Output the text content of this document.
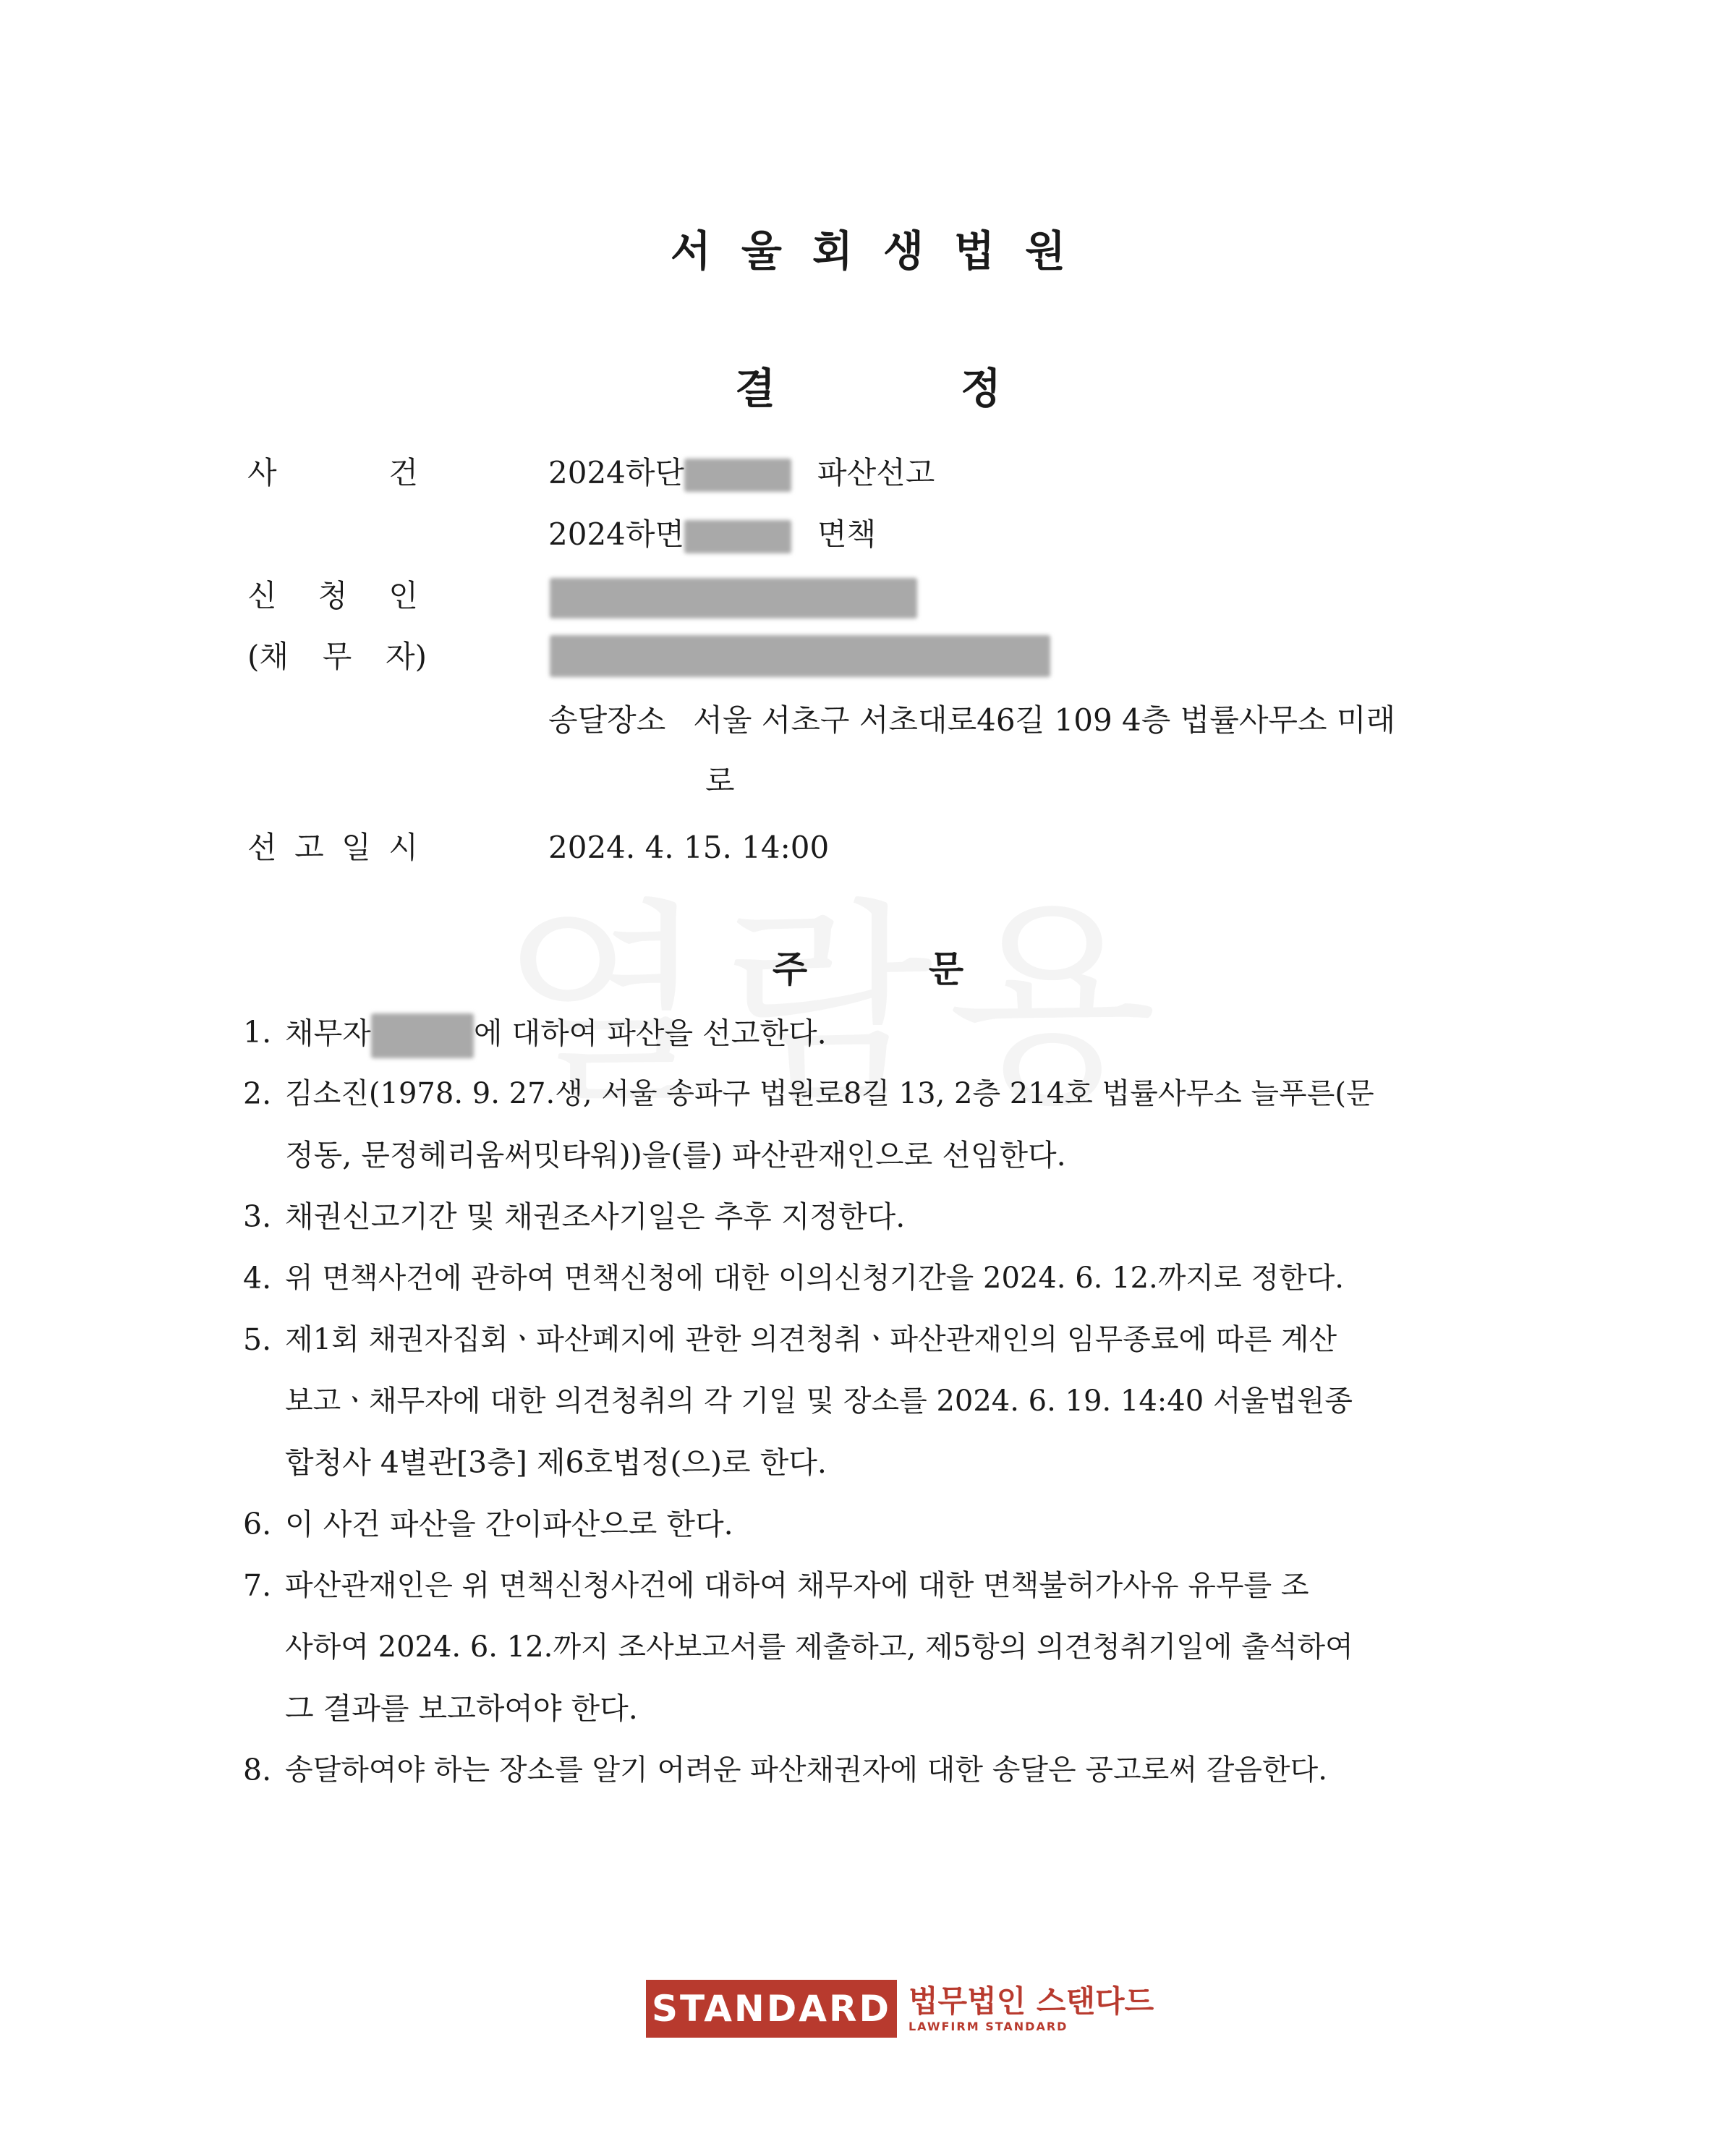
서울회생법원
결	정
사	건	2024하단	파산선고
2024하면	면책
신 청 인
(채 무 자)
송달장소 서울 서초구 서초대로46길 109 4층 법률사무소 미래
로
선 고 일 시	2024. 4. 15. 14:00
주	문
1. 채무자	에 대하여 파산을 선고한다.
2. 김소진(1978. 9. 27.생, 서울 송파구 법원로8길 13, 2층 214호 법률사무소 늘푸른(문
정동, 문정헤리움써밋타워))을(를) 파산관재인으로 선임한다.
3. 채권신고기간 및 채권조사기일은 추후 지정한다.
4. 위 면책사건에 관하여 면책신청에 대한 이의신청기간을 2024. 6. 12.까지로 정한다.
5. 제1회 채권자집회ㆍ파산폐지에 관한 의견청취ㆍ파산관재인의 임무종료에 따른 계산
보고ㆍ채무자에 대한 의견청취의 각 기일 및 장소를 2024. 6. 19. 14:40 서울법원종
합청사 4별관[3층] 제6호법정(으)로 한다.
6. 이 사건 파산을 간이파산으로 한다.
7. 파산관재인은 위 면책신청사건에 대하여 채무자에 대한 면책불허가사유 유무를 조
사하여 2024. 6. 12.까지 조사보고서를 제출하고, 제5항의 의견청취기일에 출석하여
그 결과를 보고하여야 한다.
8. 송달하여야 하는 장소를 알기 어려운 파산채권자에 대한 송달은 공고로써 갈음한다.
STANDARD 법무법인 스탠다드
LAWFIRM STANDARD
